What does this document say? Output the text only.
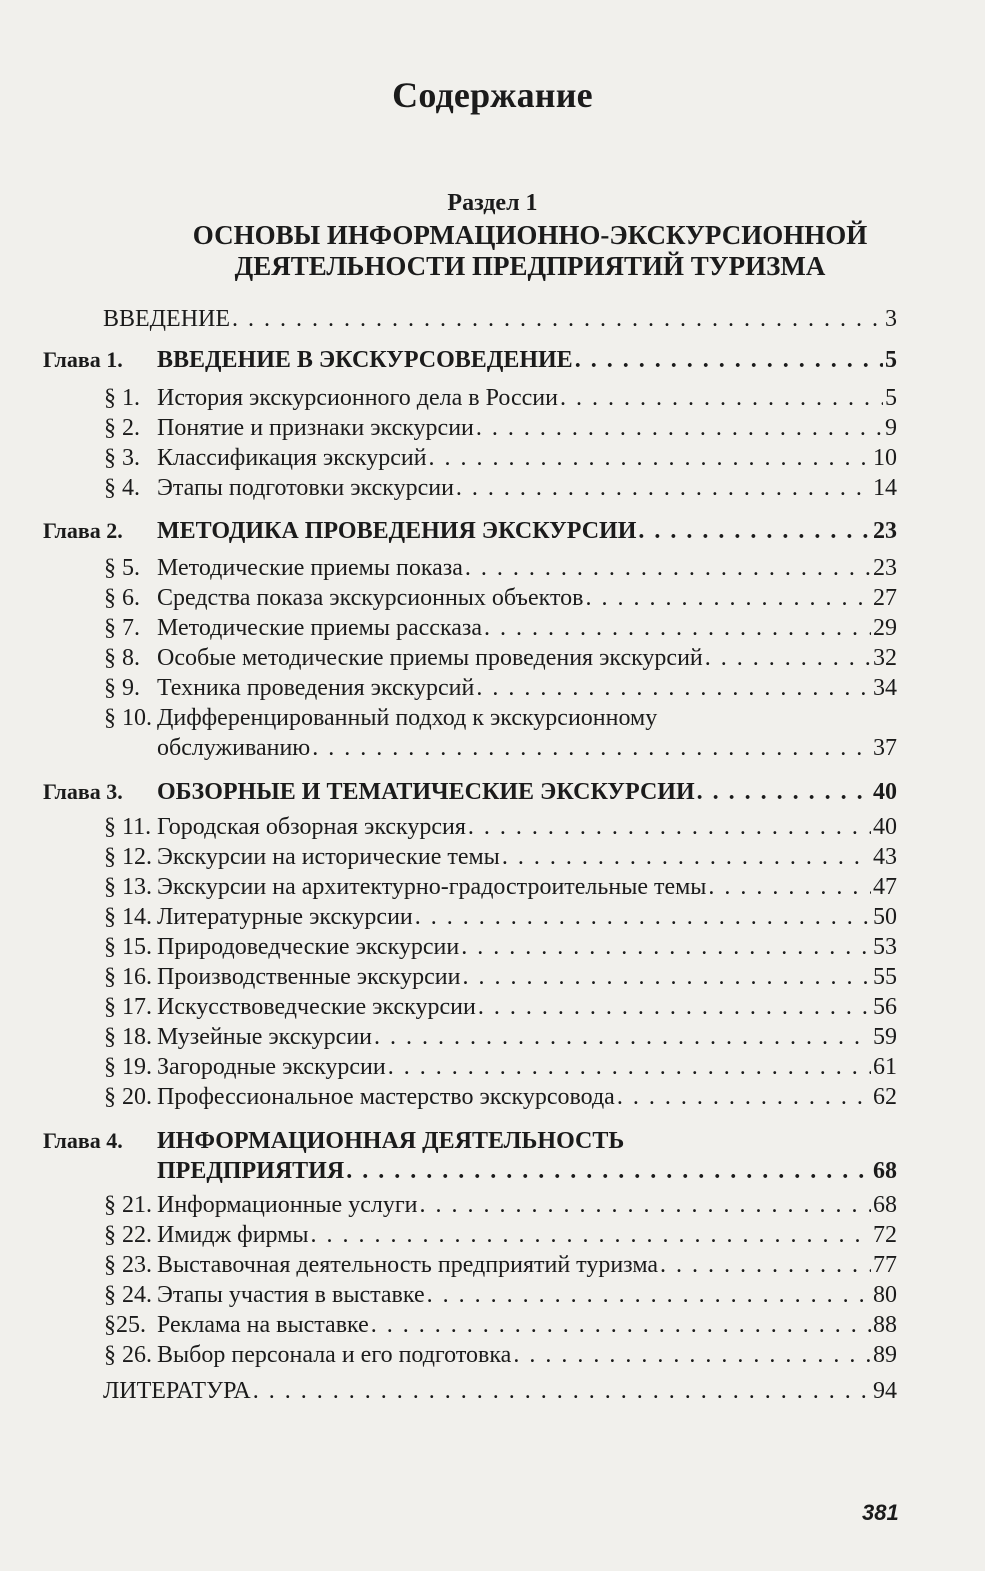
Содержание
Раздел 1
ОСНОВЫ ИНФОРМАЦИОННО-ЭКСКУРСИОННОЙ
ДЕЯТЕЛЬНОСТИ ПРЕДПРИЯТИЙ ТУРИЗМА
ВВЕДЕНИЕ . . .	3
Глава 1. ВВЕДЕНИЕ В ЭКСКУРСОВЕДЕНИЕ . . .	5
§ 1. История экскурсионного дела в России . . .	5
§ 2. Понятие и признаки экскурсии . . .	9
§ 3. Классификация экскурсий . . .	10
§ 4. Этапы подготовки экскурсии . . .	14
Глава 2. МЕТОДИКА ПРОВЕДЕНИЯ ЭКСКУРСИИ . . .	23
§ 5. Методические приемы показа . . .	23
§ 6. Средства показа экскурсионных объектов . . .	27
§ 7. Методические приемы рассказа . . .	29
§ 8. Особые методические приемы проведения экскурсий . . .	32
§ 9. Техника проведения экскурсий . . .	34
§ 10. Дифференцированный подход к экскурсионному
обслуживанию . . .	37
Глава 3. ОБЗОРНЫЕ И ТЕМАТИЧЕСКИЕ ЭКСКУРСИИ . . .	40
§ 11. Городская обзорная экскурсия . . .	40
§ 12. Экскурсии на исторические темы . . .	43
§ 13. Экскурсии на архитектурно-градостроительные темы . . .	47
§ 14. Литературные экскурсии . . .	50
§ 15. Природоведческие экскурсии . . .	53
§ 16. Производственные экскурсии . . .	55
§ 17. Искусствоведческие экскурсии . . .	56
§ 18. Музейные экскурсии . . .	59
§ 19. Загородные экскурсии . . .	61
§ 20. Профессиональное мастерство экскурсовода . . .	62
Глава 4. ИНФОРМАЦИОННАЯ ДЕЯТЕЛЬНОСТЬ
ПРЕДПРИЯТИЯ . . .	68
§ 21. Информационные услуги . . .	68
§ 22. Имидж фирмы . . .	72
§ 23. Выставочная деятельность предприятий туризма . . .	77
§ 24. Этапы участия в выставке . . .	80
§25. Реклама на выставке . . .	88
§ 26. Выбор персонала и его подготовка . . .	89
ЛИТЕРАТУРА . . .	94
381
